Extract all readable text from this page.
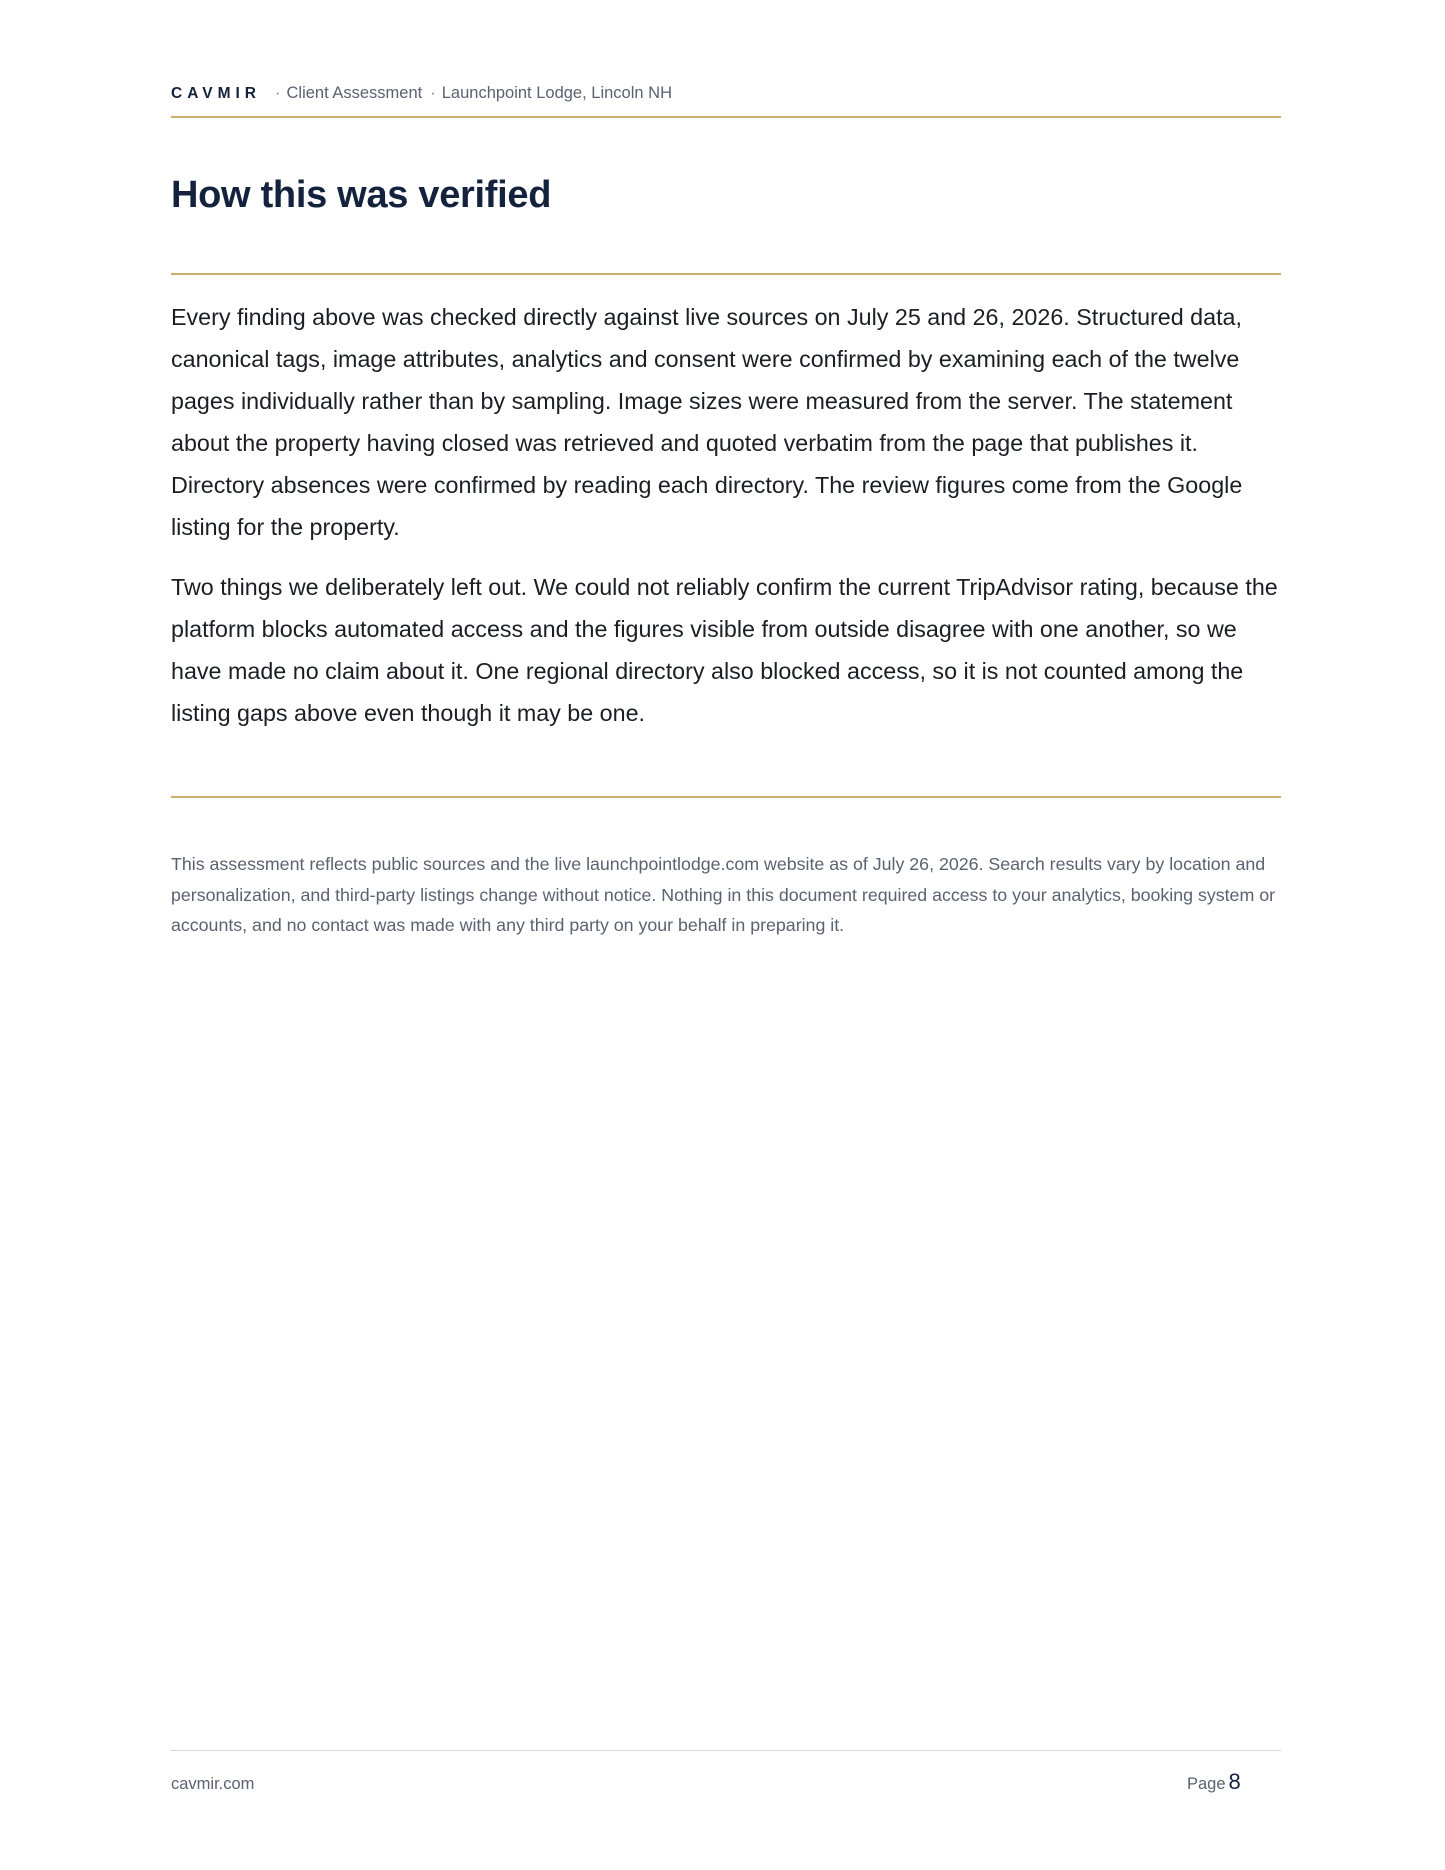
CAVMIR · Client Assessment · Launchpoint Lodge, Lincoln NH
How this was verified

Every finding above was checked directly against live sources on July 25 and 26, 2026. Structured data, canonical tags, image attributes, analytics and consent were confirmed by examining each of the twelve pages individually rather than by sampling. Image sizes were measured from the server. The statement about the property having closed was retrieved and quoted verbatim from the page that publishes it. Directory absences were confirmed by reading each directory. The review figures come from the Google listing for the property.

Two things we deliberately left out. We could not reliably confirm the current TripAdvisor rating, because the platform blocks automated access and the figures visible from outside disagree with one another, so we have made no claim about it. One regional directory also blocked access, so it is not counted among the listing gaps above even though it may be one.

This assessment reflects public sources and the live launchpointlodge.com website as of July 26, 2026. Search results vary by location and personalization, and third-party listings change without notice. Nothing in this document required access to your analytics, booking system or accounts, and no contact was made with any third party on your behalf in preparing it.

cavmir.com	Page 8
